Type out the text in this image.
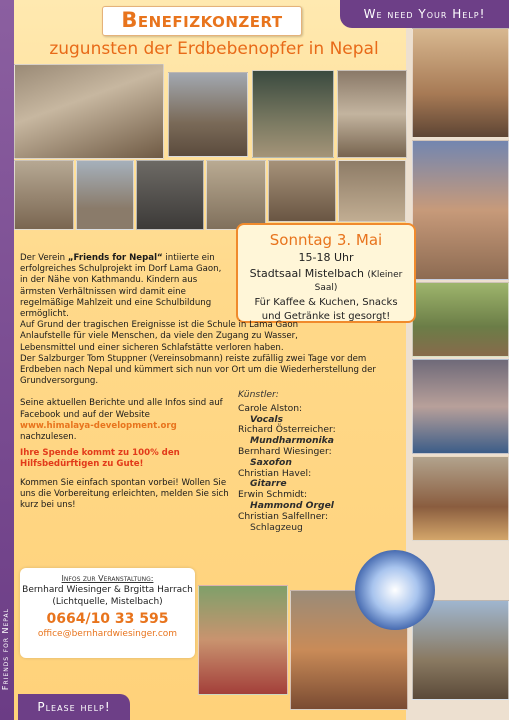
Friends for Nepal
We need Your Help!
Benefizkonzert
zugunsten der Erdbebenopfer in Nepal
Sonntag 3. Mai
15-18 Uhr
Stadtsaal Mistelbach (Kleiner Saal)
Für Kaffee & Kuchen, Snacks
und Getränke ist gesorgt!

Der Verein „Friends for Nepal“ intiierte ein erfolgreiches Schulprojekt im Dorf Lama Gaon, in der Nähe von Kathmandu. Kindern aus ärmsten Verhältnissen wird damit eine regelmäßige Mahlzeit und eine Schulbildung ermöglicht.

Auf Grund der tragischen Ereignisse ist die Schule in Lama Gaon Anlaufstelle für viele Menschen, da viele den Zugang zu Wasser, Lebensmittel und einer sicheren Schlafstätte verloren haben.

Der Salzburger Tom Stuppner (Vereinsobmann) reiste zufällig zwei Tage vor dem Erdbeben nach Nepal und kümmert sich nun vor Ort um die Wiederherstellung der Grundversorgung.

Seine aktuellen Berichte und alle Infos sind auf Facebook und auf der Website

www.himalaya-development.org

nachzulesen.

Ihre Spende kommt zu 100% den Hilfsbedürftigen zu Gute!

Kommen Sie einfach spontan vorbei! Wollen Sie uns die Vorbereitung erleichten, melden Sie sich kurz bei uns!

Künstler:
Carole Alston:
Vocals
Richard Österreicher:
Mundharmonika
Bernhard Wiesinger:
Saxofon
Christian Havel:
Gitarre
Erwin Schmidt:
Hammond Orgel
Christian Salfellner:
Schlagzeug
Infos zur Veranstaltung:
Bernhard Wiesinger & Brgitta Harrach
(Lichtquelle, Mistelbach)
0664/10 33 595
office@bernhardwiesinger.com
Please help!
